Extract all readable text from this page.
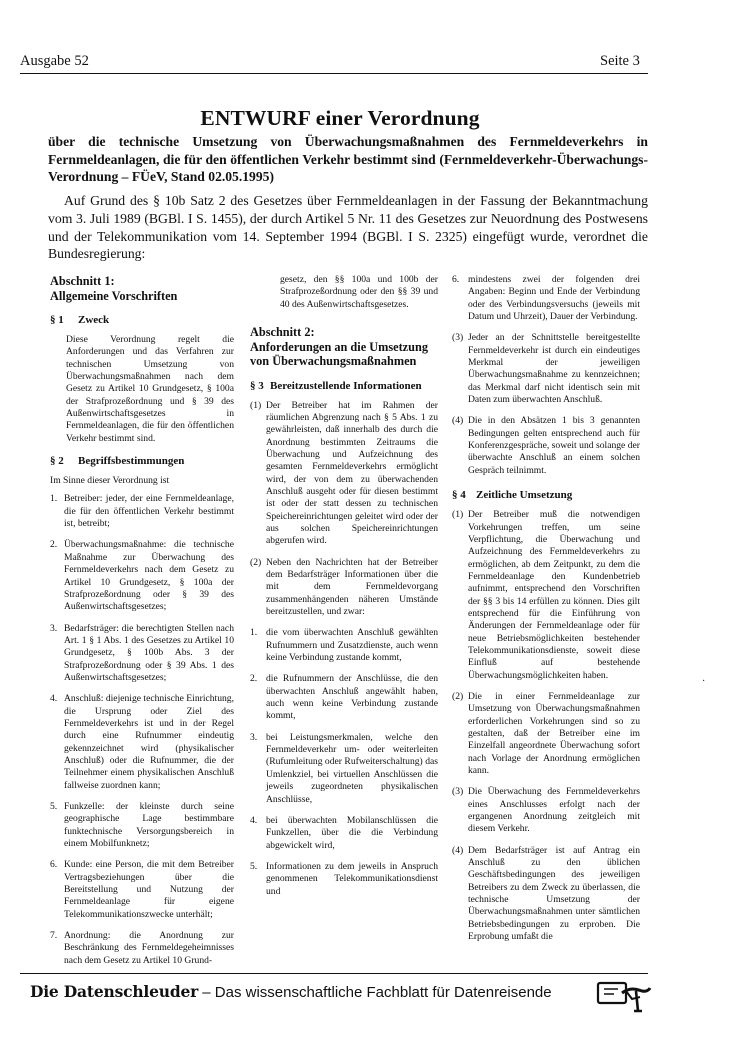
Ausgabe 52	Seite 3
ENTWURF einer Verordnung
über die technische Umsetzung von Überwachungsmaßnahmen des Fernmeldeverkehrs in Fernmeldeanlagen, die für den öffentlichen Verkehr bestimmt sind (Fernmeldeverkehr-Überwachungs-Verordnung – FÜeV, Stand 02.05.1995)

Auf Grund des § 10b Satz 2 des Gesetzes über Fernmeldeanlagen in der Fassung der Bekanntmachung vom 3. Juli 1989 (BGBl. I S. 1455), der durch Artikel 5 Nr. 11 des Gesetzes zur Neuordnung des Postwesens und der Telekommunikation vom 14. September 1994 (BGBl. I S. 2325) eingefügt wurde, verordnet die Bundesregierung:

Abschnitt 1:
Allgemeine Vorschriften
§ 1 Zweck
Diese Verordnung regelt die Anforderungen und das Verfahren zur technischen Umsetzung von Überwachungsmaßnahmen nach dem Gesetz zu Artikel 10 Grundgesetz, § 100a der Strafprozeßordnung und § 39 des Außenwirtschaftsgesetzes in Fernmeldeanlagen, die für den öffentlichen Verkehr bestimmt sind.
§ 2 Begriffsbestimmungen
Im Sinne dieser Verordnung ist
1. Betreiber: jeder, der eine Fernmeldeanlage, die für den öffentlichen Verkehr bestimmt ist, betreibt;
2. Überwachungsmaßnahme: die technische Maßnahme zur Überwachung des Fernmeldeverkehrs nach dem Gesetz zu Artikel 10 Grundgesetz, § 100a der Strafprozeßordnung oder § 39 des Außenwirtschaftsgesetzes;
3. Bedarfsträger: die berechtigten Stellen nach Art. 1 § 1 Abs. 1 des Gesetzes zu Artikel 10 Grundgesetz, § 100b Abs. 3 der Strafprozeßordnung oder § 39 Abs. 1 des Außenwirtschaftsgesetzes;
4. Anschluß: diejenige technische Einrichtung, die Ursprung oder Ziel des Fernmeldeverkehrs ist und in der Regel durch eine Rufnummer eindeutig gekennzeichnet wird (physikalischer Anschluß) oder die Rufnummer, die der Teilnehmer einem physikalischen Anschluß fallweise zuordnen kann;
5. Funkzelle: der kleinste durch seine geographische Lage bestimmbare funktechnische Versorgungsbereich in einem Mobilfunknetz;
6. Kunde: eine Person, die mit dem Betreiber Vertragsbeziehungen über die Bereitstellung und Nutzung der Fernmeldeanlage für eigene Telekommunikationszwecke unterhält;
7. Anordnung: die Anordnung zur Beschränkung des Fernmeldegeheimnisses nach dem Gesetz zu Artikel 10 Grund-
gesetz, den §§ 100a und 100b der Strafprozeßordnung oder den §§ 39 und 40 des Außenwirtschaftsgesetzes.
Abschnitt 2:
Anforderungen an die Umsetzung von Überwachungsmaßnahmen
§ 3 Bereitzustellende Informationen
(1) Der Betreiber hat im Rahmen der räumlichen Abgrenzung nach § 5 Abs. 1 zu gewährleisten, daß innerhalb des durch die Anordnung bestimmten Zeitraums die Überwachung und Aufzeichnung des gesamten Fernmeldeverkehrs ermöglicht wird, der von dem zu überwachenden Anschluß ausgeht oder für diesen bestimmt ist oder der statt dessen zu technischen Speichereinrichtungen geleitet wird oder der aus solchen Speichereinrichtungen abgerufen wird.
(2) Neben den Nachrichten hat der Betreiber dem Bedarfsträger Informationen über die mit dem Fernmeldevorgang zusammenhängenden näheren Umstände bereitzustellen, und zwar:
1. die vom überwachten Anschluß gewählten Rufnummern und Zusatzdienste, auch wenn keine Verbindung zustande kommt,
2. die Rufnummern der Anschlüsse, die den überwachten Anschluß angewählt haben, auch wenn keine Verbindung zustande kommt,
3. bei Leistungsmerkmalen, welche den Fernmeldeverkehr um- oder weiterleiten (Rufumleitung oder Rufweiterschaltung) das Umlenkziel, bei virtuellen Anschlüssen die jeweils zugeordneten physikalischen Anschlüsse,
4. bei überwachten Mobilanschlüssen die Funkzellen, über die die Verbindung abgewickelt wird,
5. Informationen zu dem jeweils in Anspruch genommenen Telekommunikationsdienst und
6. mindestens zwei der folgenden drei Angaben: Beginn und Ende der Verbindung oder des Verbindungsversuchs (jeweils mit Datum und Uhrzeit), Dauer der Verbindung.
(3) Jeder an der Schnittstelle bereitgestellte Fernmeldeverkehr ist durch ein eindeutiges Merkmal der jeweiligen Überwachungsmaßnahme zu kennzeichnen; das Merkmal darf nicht identisch sein mit Daten zum überwachten Anschluß.
(4) Die in den Absätzen 1 bis 3 genannten Bedingungen gelten entsprechend auch für Konferenzgespräche, soweit und solange der überwachte Anschluß an einem solchen Gespräch teilnimmt.
§ 4 Zeitliche Umsetzung
(1) Der Betreiber muß die notwendigen Vorkehrungen treffen, um seine Verpflichtung, die Überwachung und Aufzeichnung des Fernmeldeverkehrs zu ermöglichen, ab dem Zeitpunkt, zu dem die Fernmeldeanlage den Kundenbetrieb aufnimmt, entsprechend den Vorschriften der §§ 3 bis 14 erfüllen zu können. Dies gilt entsprechend für die Einführung von Änderungen der Fernmeldeanlage oder für neue Betriebsmöglichkeiten bestehender Telekommunikationsdienste, soweit diese Einfluß auf bestehende Überwachungsmöglichkeiten haben.
(2) Die in einer Fernmeldeanlage zur Umsetzung von Überwachungsmaßnahmen erforderlichen Vorkehrungen sind so zu gestalten, daß der Betreiber eine im Einzelfall angeordnete Überwachung sofort nach Vorlage der Anordnung ermöglichen kann.
(3) Die Überwachung des Fernmeldeverkehrs eines Anschlusses erfolgt nach der ergangenen Anordnung zeitgleich mit diesem Verkehr.
(4) Dem Bedarfsträger ist auf Antrag ein Anschluß zu den üblichen Geschäftsbedingungen des jeweiligen Betreibers zu dem Zweck zu überlassen, die technische Umsetzung der Überwachungsmaßnahmen unter sämtlichen Betriebsbedingungen zu erproben. Die Erprobung umfaßt die
·
Die Datenschleuder – Das wissenschaftliche Fachblatt für Datenreisende
